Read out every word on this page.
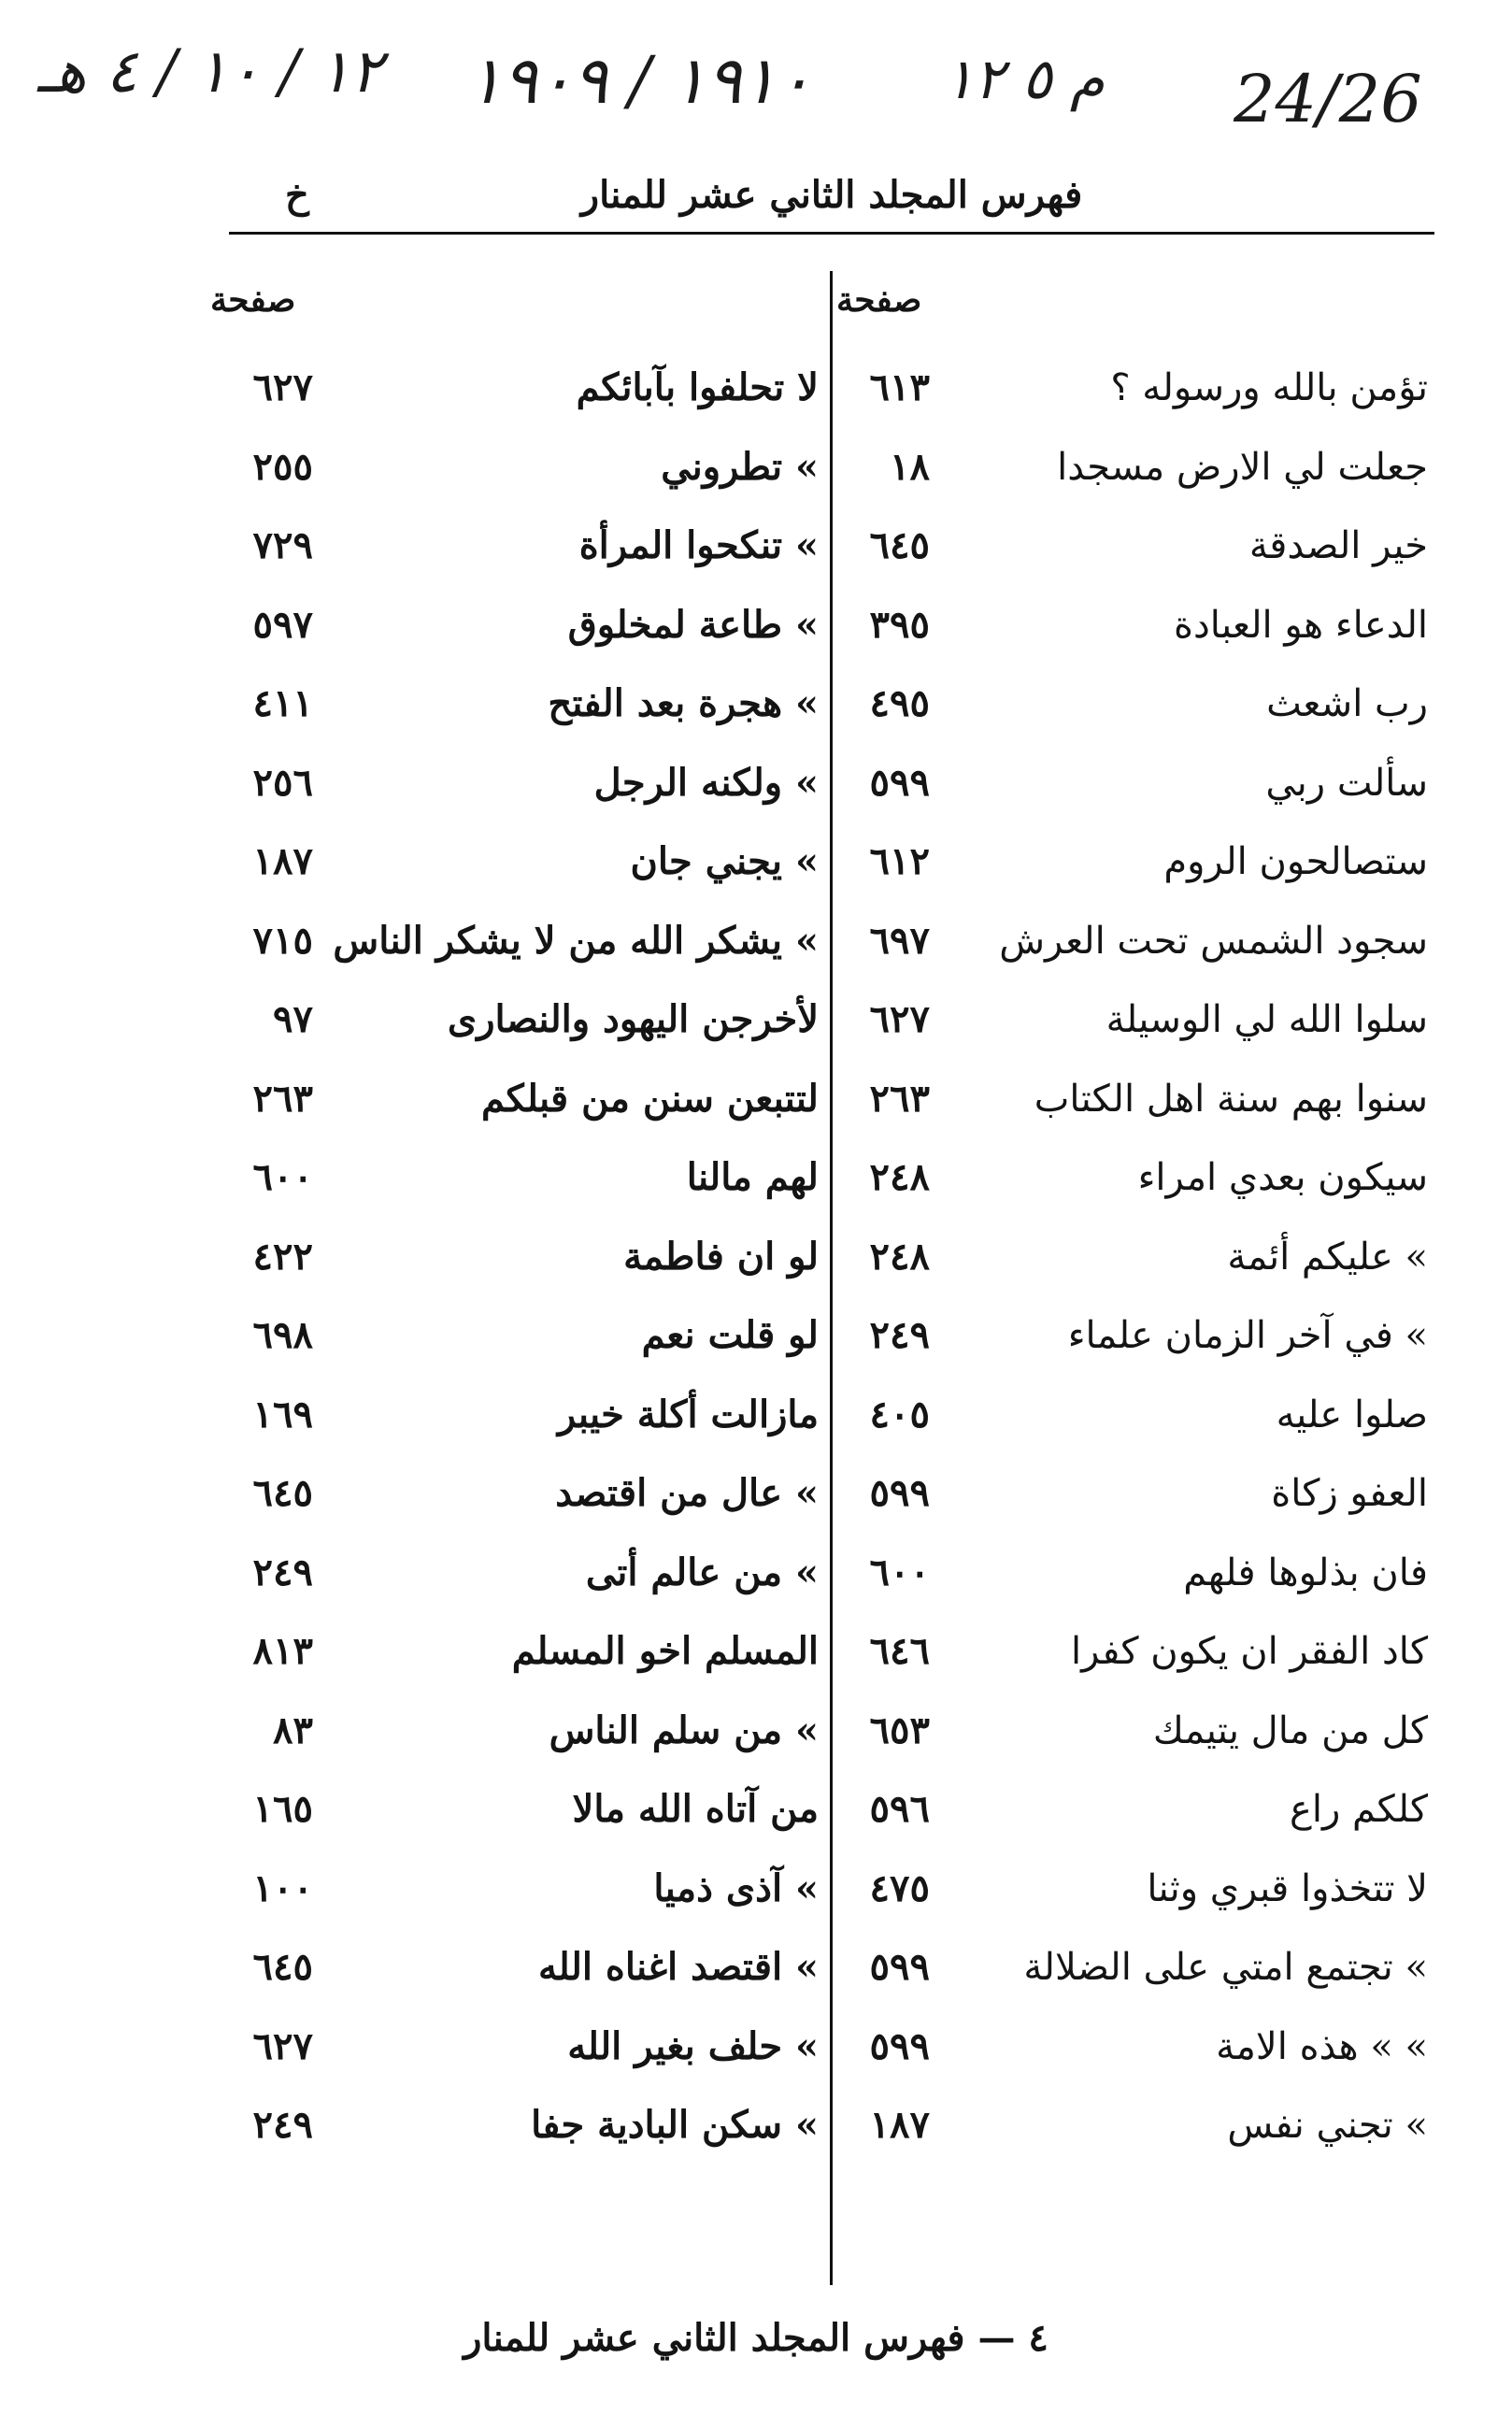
١٢ / ١٠ / ٤ هـ ١٩١٠ / ١٩٠٩ م ٥ ١٢ 24/26
فهرس المجلد الثاني عشر للمنار
خ
صفحة
صفحة
تؤمن بالله ورسوله ؟
٦١٣
لا تحلفوا بآبائكم
٦٢٧
جعلت لي الارض مسجدا
١٨
» تطروني
٢٥٥
خير الصدقة
٦٤٥
» تنكحوا المرأة
٧٢٩
الدعاء هو العبادة
٣٩٥
» طاعة لمخلوق
٥٩٧
رب اشعث
٤٩٥
» هجرة بعد الفتح
٤١١
سألت ربي
٥٩٩
» ولكنه الرجل
٢٥٦
ستصالحون الروم
٦١٢
» يجني جان
١٨٧
سجود الشمس تحت العرش
٦٩٧
» يشكر الله من لا يشكر الناس
٧١٥
سلوا الله لي الوسيلة
٦٢٧
لأخرجن اليهود والنصارى
٩٧
سنوا بهم سنة اهل الكتاب
٢٦٣
لتتبعن سنن من قبلكم
٢٦٣
سيكون بعدي امراء
٢٤٨
لهم مالنا
٦٠٠
» عليكم أئمة
٢٤٨
لو ان فاطمة
٤٢٢
» في آخر الزمان علماء
٢٤٩
لو قلت نعم
٦٩٨
صلوا عليه
٤٠٥
مازالت أكلة خيبر
١٦٩
العفو زكاة
٥٩٩
» عال من اقتصد
٦٤٥
فان بذلوها فلهم
٦٠٠
» من عالم أتى
٢٤٩
كاد الفقر ان يكون كفرا
٦٤٦
المسلم اخو المسلم
٨١٣
كل من مال يتيمك
٦٥٣
» من سلم الناس
٨٣
كلكم راع
٥٩٦
من آتاه الله مالا
١٦٥
لا تتخذوا قبري وثنا
٤٧٥
» آذى ذميا
١٠٠
» تجتمع امتي على الضلالة
٥٩٩
» اقتصد اغناه الله
٦٤٥
» » هذه الامة
٥٩٩
» حلف بغير الله
٦٢٧
» تجني نفس
١٨٧
» سكن البادية جفا
٢٤٩
٤ — فهرس المجلد الثاني عشر للمنار
